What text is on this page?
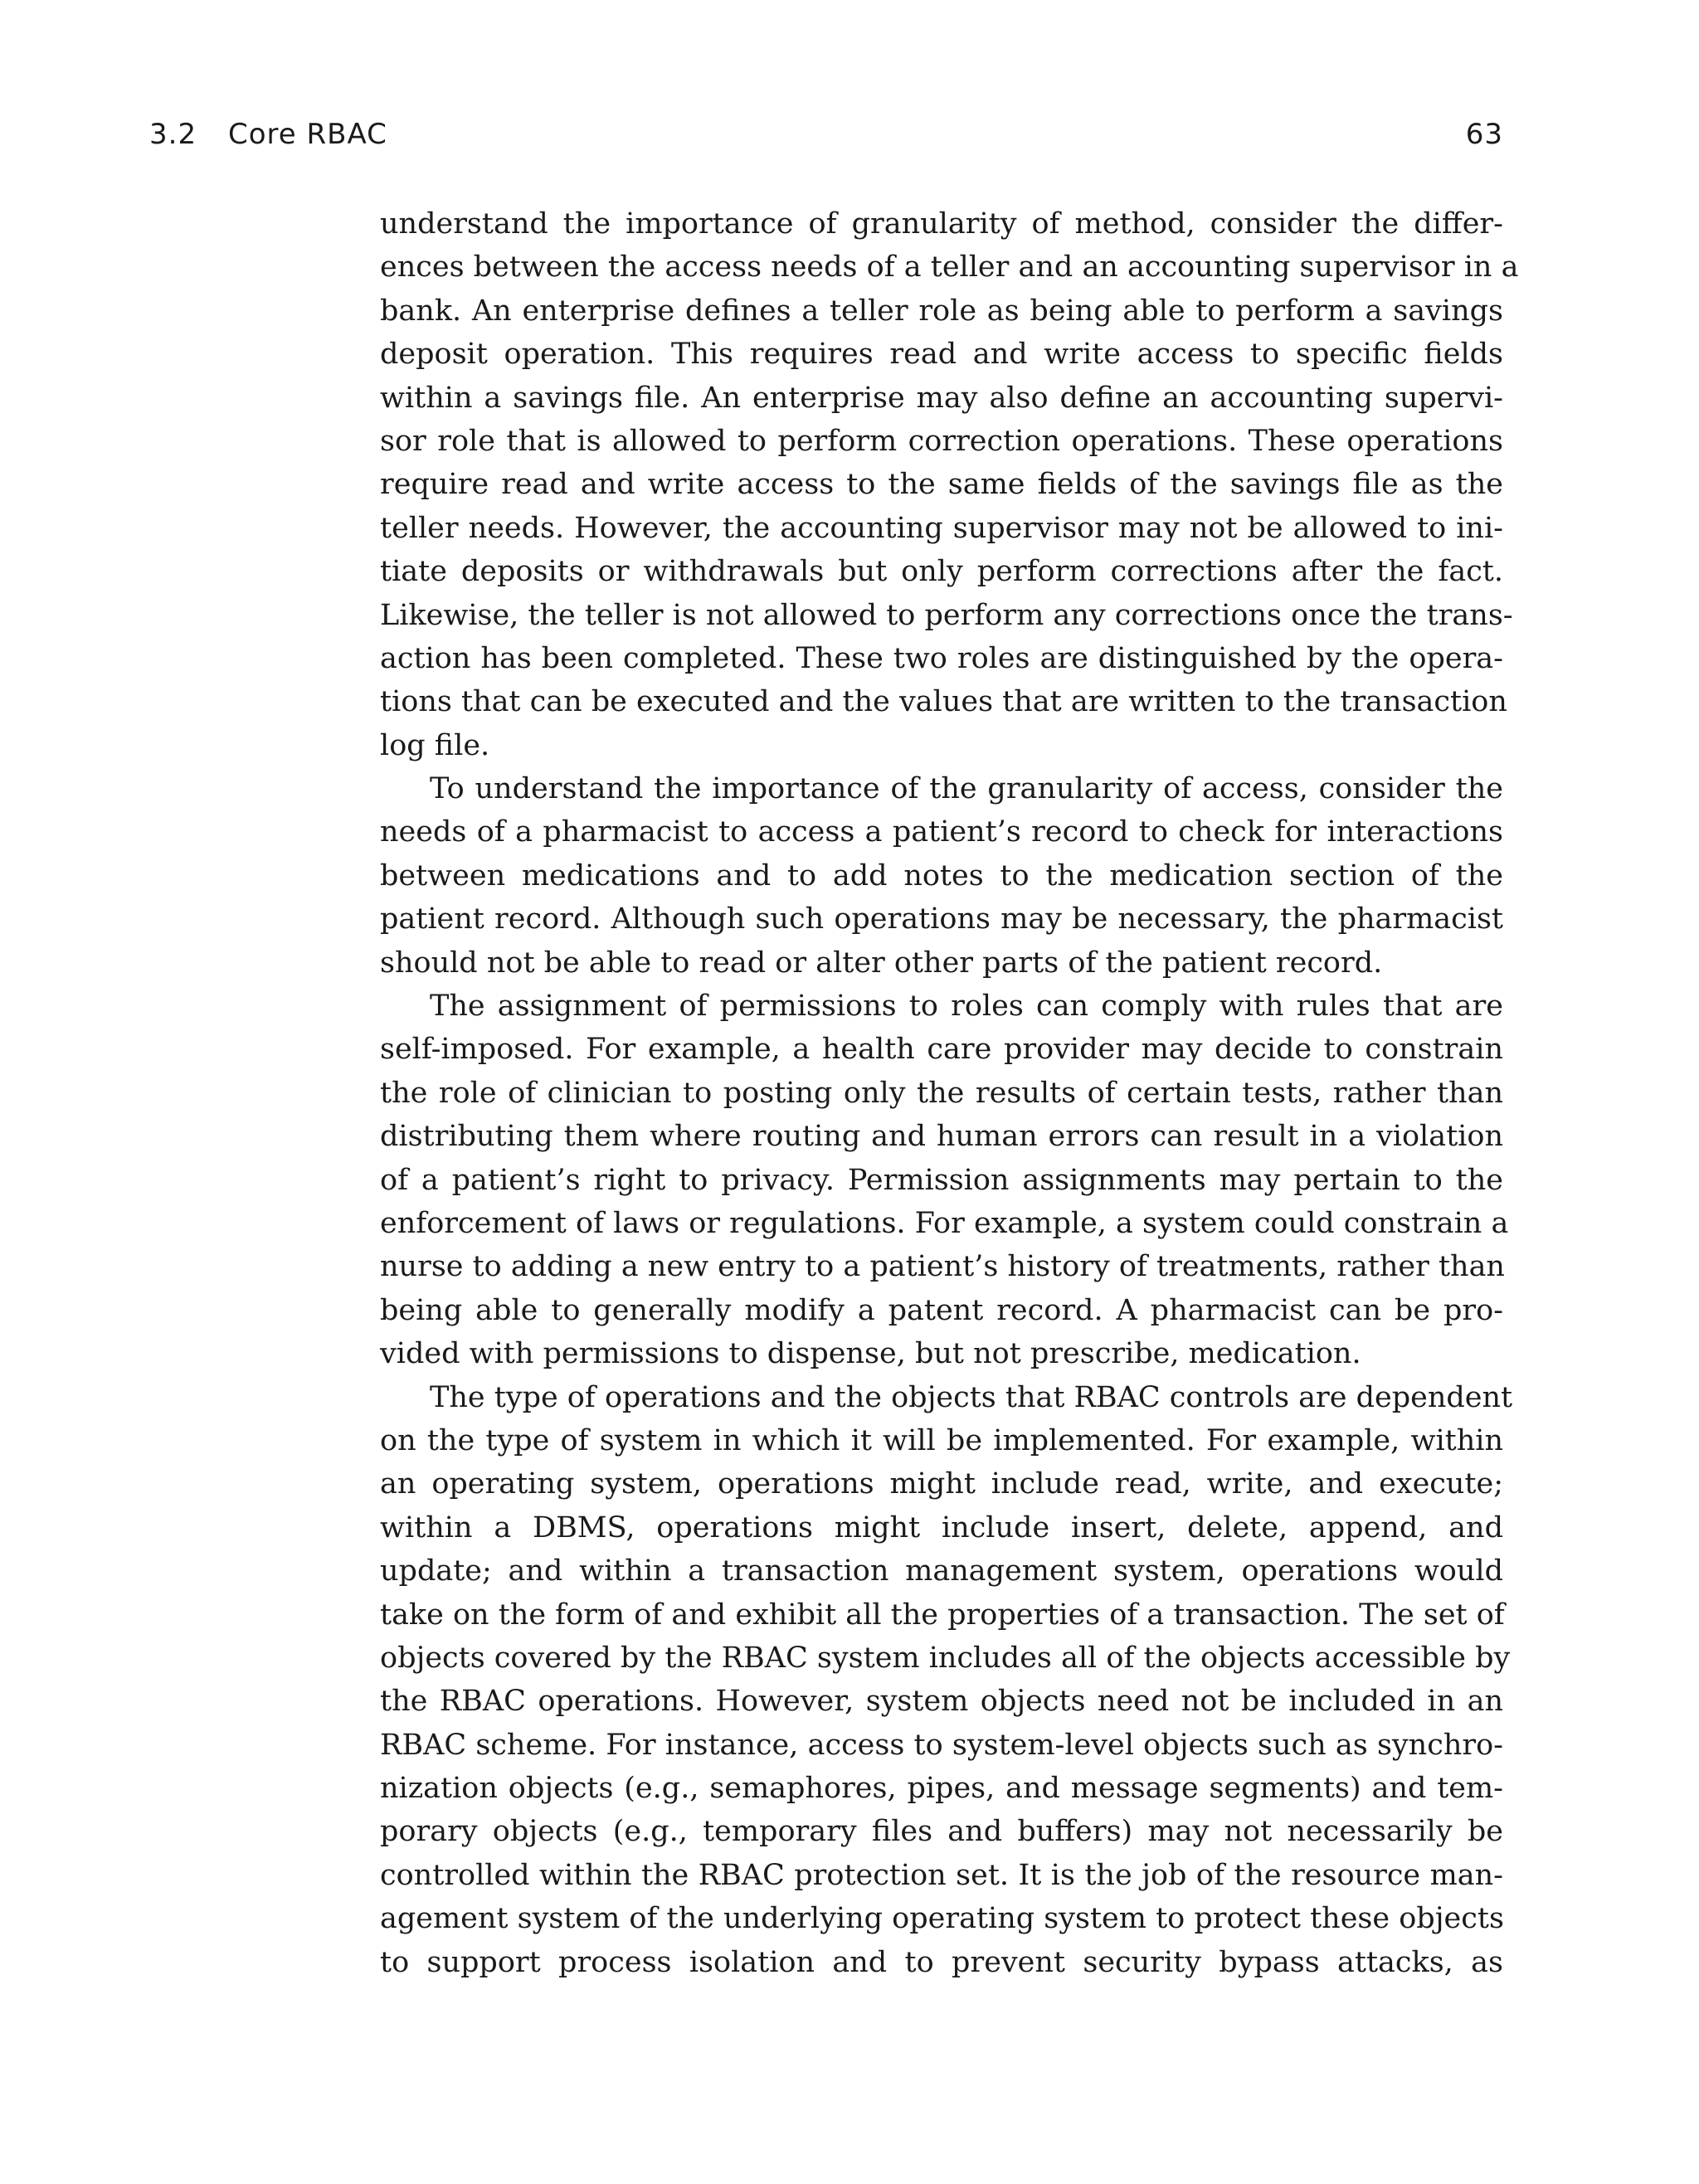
3.2 Core RBAC	63
understand the importance of granularity of method, consider the differ-
ences between the access needs of a teller and an accounting supervisor in a
bank. An enterprise defines a teller role as being able to perform a savings
deposit operation. This requires read and write access to specific fields
within a savings file. An enterprise may also define an accounting supervi-
sor role that is allowed to perform correction operations. These operations
require read and write access to the same fields of the savings file as the
teller needs. However, the accounting supervisor may not be allowed to ini-
tiate deposits or withdrawals but only perform corrections after the fact.
Likewise, the teller is not allowed to perform any corrections once the trans-
action has been completed. These two roles are distinguished by the opera-
tions that can be executed and the values that are written to the transaction
log file.
To understand the importance of the granularity of access, consider the
needs of a pharmacist to access a patient’s record to check for interactions
between medications and to add notes to the medication section of the
patient record. Although such operations may be necessary, the pharmacist
should not be able to read or alter other parts of the patient record.
The assignment of permissions to roles can comply with rules that are
self-imposed. For example, a health care provider may decide to constrain
the role of clinician to posting only the results of certain tests, rather than
distributing them where routing and human errors can result in a violation
of a patient’s right to privacy. Permission assignments may pertain to the
enforcement of laws or regulations. For example, a system could constrain a
nurse to adding a new entry to a patient’s history of treatments, rather than
being able to generally modify a patent record. A pharmacist can be pro-
vided with permissions to dispense, but not prescribe, medication.
The type of operations and the objects that RBAC controls are dependent
on the type of system in which it will be implemented. For example, within
an operating system, operations might include read, write, and execute;
within a DBMS, operations might include insert, delete, append, and
update; and within a transaction management system, operations would
take on the form of and exhibit all the properties of a transaction. The set of
objects covered by the RBAC system includes all of the objects accessible by
the RBAC operations. However, system objects need not be included in an
RBAC scheme. For instance, access to system-level objects such as synchro-
nization objects (e.g., semaphores, pipes, and message segments) and tem-
porary objects (e.g., temporary files and buffers) may not necessarily be
controlled within the RBAC protection set. It is the job of the resource man-
agement system of the underlying operating system to protect these objects
to support process isolation and to prevent security bypass attacks, as
